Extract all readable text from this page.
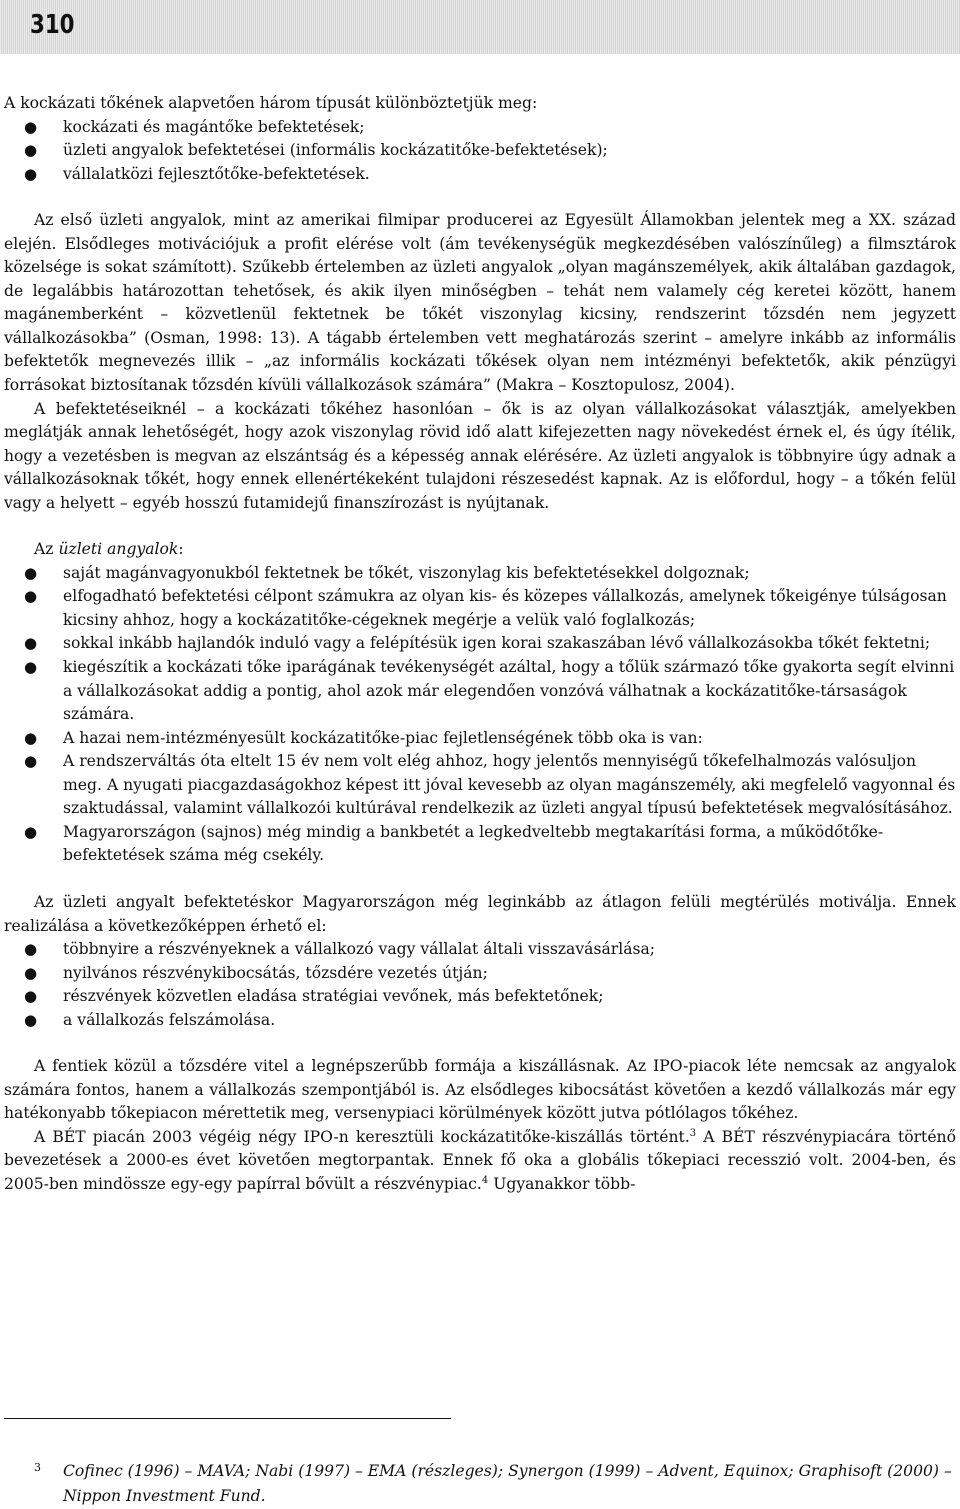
310

A kockázati tőkének alapvetően három típusát különböztetjük meg:

● kockázati és magántőke befektetések;
● üzleti angyalok befektetései (informális kockázatitőke-befektetések);
● vállalatközi fejlesztőtőke-befektetések.

Az első üzleti angyalok, mint az amerikai filmipar producerei az Egyesült Államokban jelentek meg a XX. század elején. Elsődleges motivációjuk a profit elérése volt (ám tevékenységük megkezdésében valószínűleg) a filmsztárok közelsége is sokat számított). Szűkebb értelemben az üzleti angyalok „olyan magánszemélyek, akik általában gazdagok, de legalábbis határozottan tehetősek, és akik ilyen minőségben – tehát nem valamely cég keretei között, hanem magánemberként – közvetlenül fektetnek be tőkét viszonylag kicsiny, rendszerint tőzsdén nem jegyzett vállalkozásokba” (Osman, 1998: 13). A tágabb értelemben vett meghatározás szerint – amelyre inkább az informális befektetők megnevezés illik – „az informális kockázati tőkések olyan nem intézményi befektetők, akik pénzügyi forrásokat biztosítanak tőzsdén kívüli vállalkozások számára” (Makra – Kosztopulosz, 2004).

A befektetéseiknél – a kockázati tőkéhez hasonlóan – ők is az olyan vállalkozásokat választják, amelyekben meglátják annak lehetőségét, hogy azok viszonylag rövid idő alatt kifejezetten nagy növekedést érnek el, és úgy ítélik, hogy a vezetésben is megvan az elszántság és a képesség annak elérésére. Az üzleti angyalok is többnyire úgy adnak a vállalkozásoknak tőkét, hogy ennek ellenértékeként tulajdoni részesedést kapnak. Az is előfordul, hogy – a tőkén felül vagy a helyett – egyéb hosszú futamidejű finanszírozást is nyújtanak.

Az üzleti angyalok:

● saját magánvagyonukból fektetnek be tőkét, viszonylag kis befektetésekkel dolgoznak;
● elfogadható befektetési célpont számukra az olyan kis- és közepes vállalkozás, amelynek tőkeigénye túlságosan kicsiny ahhoz, hogy a kockázatitőke-cégeknek megérje a velük való foglalkozás;
● sokkal inkább hajlandók induló vagy a felépítésük igen korai szakaszában lévő vállalkozásokba tőkét fektetni;
● kiegészítik a kockázati tőke iparágának tevékenységét azáltal, hogy a tőlük származó tőke gyakorta segít elvinni a vállalkozásokat addig a pontig, ahol azok már elegendően vonzóvá válhatnak a kockázatitőke-társaságok számára.
● A hazai nem-intézményesült kockázatitőke-piac fejletlenségének több oka is van:
● A rendszerváltás óta eltelt 15 év nem volt elég ahhoz, hogy jelentős mennyiségű tőkefelhalmozás valósuljon meg. A nyugati piacgazdaságokhoz képest itt jóval kevesebb az olyan magánszemély, aki megfelelő vagyonnal és szaktudással, valamint vállalkozói kultúrával rendelkezik az üzleti angyal típusú befektetések megvalósításához.
● Magyarországon (sajnos) még mindig a bankbetét a legkedveltebb megtakarítási forma, a működőtőke-befektetések száma még csekély.

Az üzleti angyalt befektetéskor Magyarországon még leginkább az átlagon felüli megtérülés motiválja. Ennek realizálása a következőképpen érhető el:

● többnyire a részvényeknek a vállalkozó vagy vállalat általi visszavásárlása;
● nyilvános részvénykibocsátás, tőzsdére vezetés útján;
● részvények közvetlen eladása stratégiai vevőnek, más befektetőnek;
● a vállalkozás felszámolása.

A fentiek közül a tőzsdére vitel a legnépszerűbb formája a kiszállásnak. Az IPO-piacok léte nemcsak az angyalok számára fontos, hanem a vállalkozás szempontjából is. Az elsődleges kibocsátást követően a kezdő vállalkozás már egy hatékonyabb tőkepiacon mérettetik meg, versenypiaci körülmények között jutva pótlólagos tőkéhez.

A BÉT piacán 2003 végéig négy IPO-n keresztüli kockázatitőke-kiszállás történt.$^3$ A BÉT részvénypiacára történő bevezetések a 2000-es évet követően megtorpantak. Ennek fő oka a globális tőkepiaci recesszió volt. 2004-ben, és 2005-ben mindössze egy-egy papírral bővült a részvénypiac.$^4$ Ugyanakkor több-

3	Cofinec (1996) – MAVA; Nabi (1997) – EMA (részleges); Synergon (1999) – Advent, Equinox; Graphisoft (2000) – Nippon Investment Fund.
